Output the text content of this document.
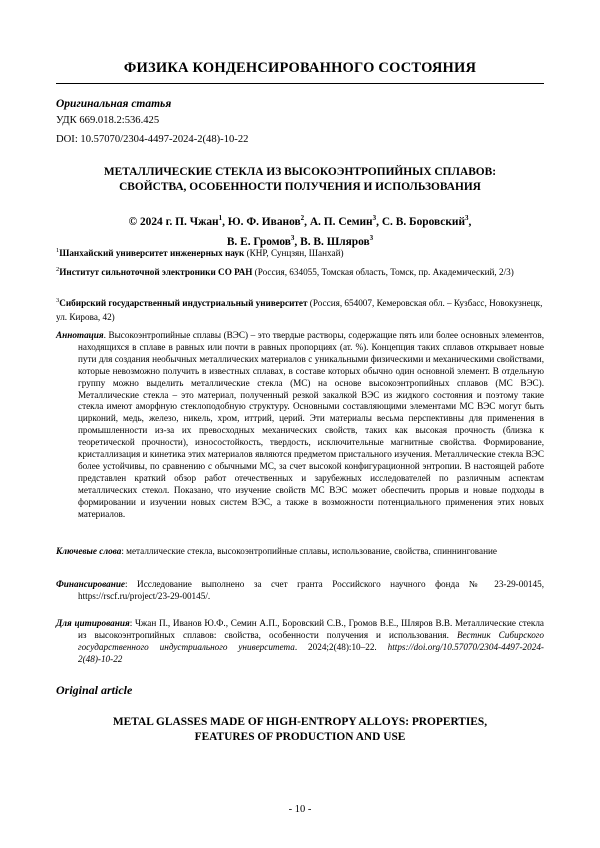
ФИЗИКА КОНДЕНСИРОВАННОГО СОСТОЯНИЯ
Оригинальная статья
УДК 669.018.2:536.425
DOI: 10.57070/2304-4497-2024-2(48)-10-22
МЕТАЛЛИЧЕСКИЕ СТЕКЛА ИЗ ВЫСОКОЭНТРОПИЙНЫХ СПЛАВОВ:
СВОЙСТВА, ОСОБЕННОСТИ ПОЛУЧЕНИЯ И ИСПОЛЬЗОВАНИЯ
© 2024 г. П. Чжан$^1$, Ю. Ф. Иванов$^2$, А. П. Семин$^3$, С. В. Боровский$^3$,
В. Е. Громов$^3$, В. В. Шляров$^3$
$^1$Шанхайский университет инженерных наук (КНР, Сунцзян, Шанхай)
$^2$Институт сильноточной электроники СО РАН (Россия, 634055, Томская область, Томск, пр. Академический, 2/3)
$^3$Сибирский государственный индустриальный университет (Россия, 654007, Кемеровская обл. – Кузбасс, Новокузнецк, ул. Кирова, 42)
Аннотация. Высокоэнтропийные сплавы (ВЭС) – это твердые растворы, содержащие пять или более основных элементов, находящихся в сплаве в равных или почти в равных пропорциях (ат. %). Концепция таких сплавов открывает новые пути для создания необычных металлических материалов с уникальными физическими и механическими свойствами, которые невозможно получить в известных сплавах, в составе которых обычно один основной элемент. В отдельную группу можно выделить металлические стекла (МС) на основе высокоэнтропийных сплавов (МС ВЭС). Металлические стекла – это материал, полученный резкой закалкой ВЭС из жидкого состояния и поэтому такие стекла имеют аморфную стеклоподобную структуру. Основными составляющими элементами МС ВЭС могут быть цирконий, медь, железо, никель, хром, иттрий, церий. Эти материалы весьма перспективны для применения в промышленности из-за их превосходных механических свойств, таких как высокая прочность (близка к теоретической прочности), износостойкость, твердость, исключительные магнитные свойства. Формирование, кристаллизация и кинетика этих материалов являются предметом пристального изучения. Металлические стекла ВЭС более устойчивы, по сравнению с обычными МС, за счет высокой конфигурационной энтропии. В настоящей работе представлен краткий обзор работ отечественных и зарубежных исследователей по различным аспектам металлических стекол. Показано, что изучение свойств МС ВЭС может обеспечить прорыв и новые подходы в формировании и изучении новых систем ВЭС, а также в возможности потенциального применения этих новых материалов.
Ключевые слова: металлические стекла, высокоэнтропийные сплавы, использование, свойства, спиннингование
Финансирование: Исследование выполнено за счет гранта Российского научного фонда № 23-29-00145, https://rscf.ru/project/23-29-00145/.
Для цитирования: Чжан П., Иванов Ю.Ф., Семин А.П., Боровский С.В., Громов В.Е., Шляров В.В. Металлические стекла из высокоэнтропийных сплавов: свойства, особенности получения и использования. Вестник Сибирского государственного индустриального университета. 2024;2(48):10–22. https://doi.org/10.57070/2304-4497-2024-2(48)-10-22
Original article
METAL GLASSES MADE OF HIGH-ENTROPY ALLOYS: PROPERTIES,
FEATURES OF PRODUCTION AND USE
- 10 -
